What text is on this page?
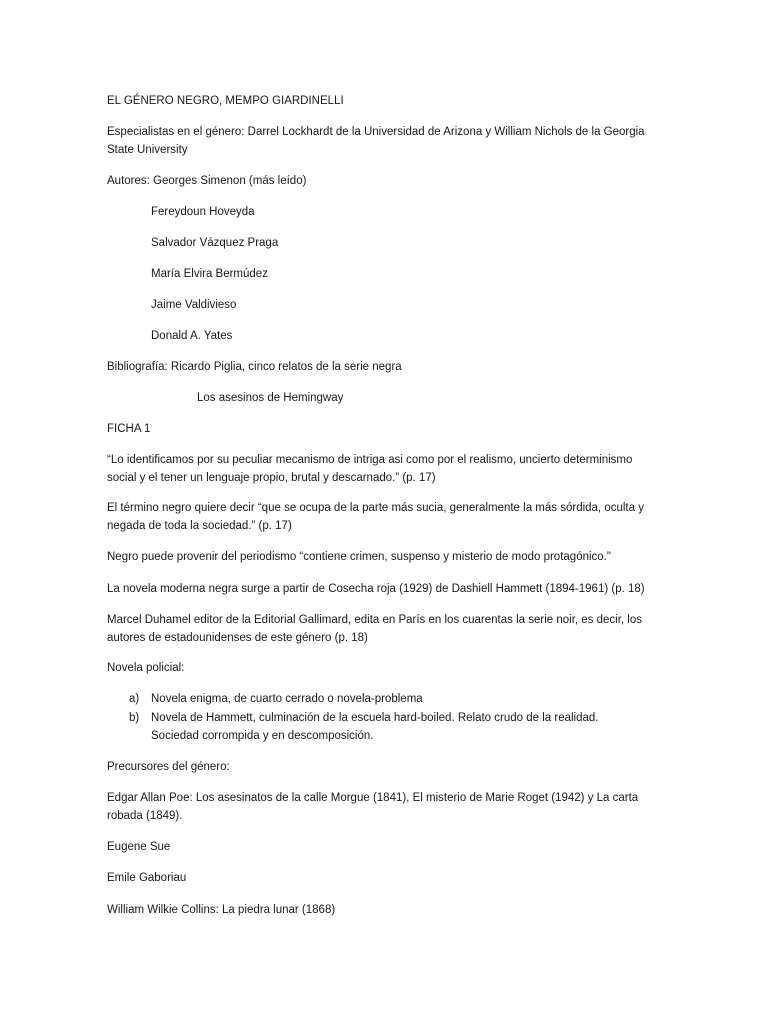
EL GÉNERO NEGRO, MEMPO GIARDINELLI

Especialistas en el género: Darrel Lockhardt de la Universidad de Arizona y William Nichols de la Georgia State University

Autores: Georges Simenon (más leído)

Fereydoun Hoveyda

Salvador Vázquez Praga

María Elvira Bermúdez

Jaime Valdivieso

Donald A. Yates

Bibliografía: Ricardo Piglia, cinco relatos de la serie negra

Los asesinos de Hemingway

FICHA 1

“Lo identificamos por su peculiar mecanismo de intriga asi como por el realismo, uncierto determinismo social y el tener un lenguaje propio, brutal y descarnado.” (p. 17)

El término negro quiere decir “que se ocupa de la parte más sucia, generalmente la más sórdida, oculta y negada de toda la sociedad.” (p. 17)

Negro puede provenir del periodismo “contiene crimen, suspenso y misterio de modo protagónico."

La novela moderna negra surge a partir de Cosecha roja (1929) de Dashiell Hammett (1894-1961) (p. 18)

Marcel Duhamel editor de la Editorial Gallimard, edita en París en los cuarentas la serie noir, es decir, los autores de estadounidenses de este género (p. 18)

Novela policial:

a) Novela enigma, de cuarto cerrado o novela-problema
b) Novela de Hammett, culminación de la escuela hard-boiled. Relato crudo de la realidad. Sociedad corrompida y en descomposición.

Precursores del género:

Edgar Allan Poe: Los asesinatos de la calle Morgue (1841), El misterio de Marie Roget (1942) y La carta robada (1849).

Eugene Sue

Emile Gaboriau

William Wilkie Collins: La piedra lunar (1868)
